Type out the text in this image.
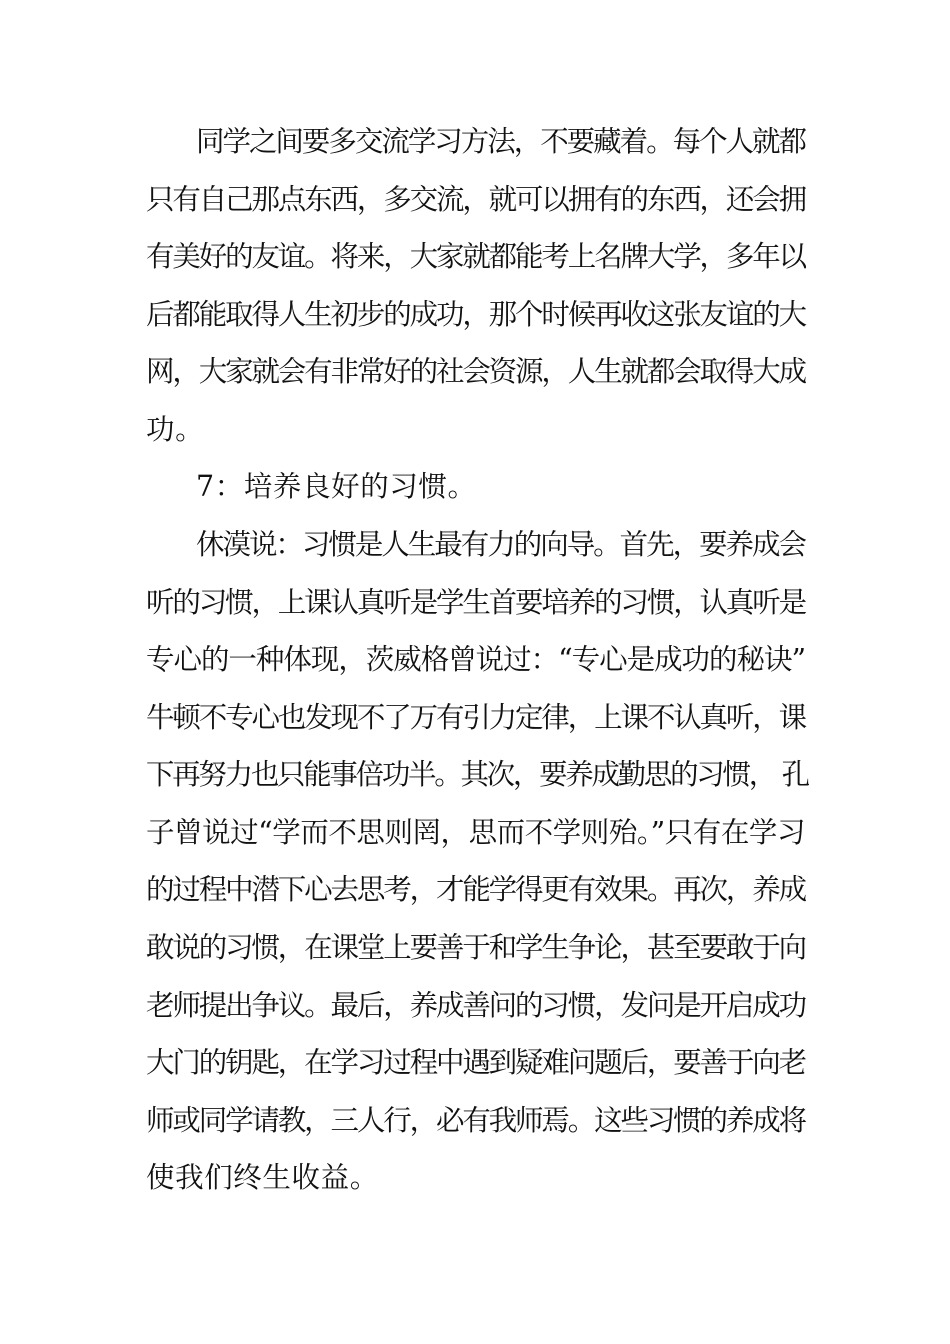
同学之间要多交流学习方法，不要藏着。每个人就都

只有自己那点东西，多交流，就可以拥有的东西，还会拥

有美好的友谊。将来，大家就都能考上名牌大学，多年以

后都能取得人生初步的成功，那个时候再收这张友谊的大

网，大家就会有非常好的社会资源，人生就都会取得大成

功。

7：培养良好的习惯。

休漠说：习惯是人生最有力的向导。首先，要养成会

听的习惯，上课认真听是学生首要培养的习惯，认真听是

专心的一种体现，茨威格曾说过：“专心是成功的秘诀”

牛顿不专心也发现不了万有引力定律，上课不认真听，课

下再努力也只能事倍功半。其次，要养成勤思的习惯， 孔

子曾说过“学而不思则罔，思而不学则殆。”只有在学习

的过程中潜下心去思考，才能学得更有效果。再次，养成

敢说的习惯，在课堂上要善于和学生争论，甚至要敢于向

老师提出争议。最后，养成善问的习惯，发问是开启成功

大门的钥匙，在学习过程中遇到疑难问题后，要善于向老

师或同学请教，三人行，必有我师焉。这些习惯的养成将

使我们终生收益。
